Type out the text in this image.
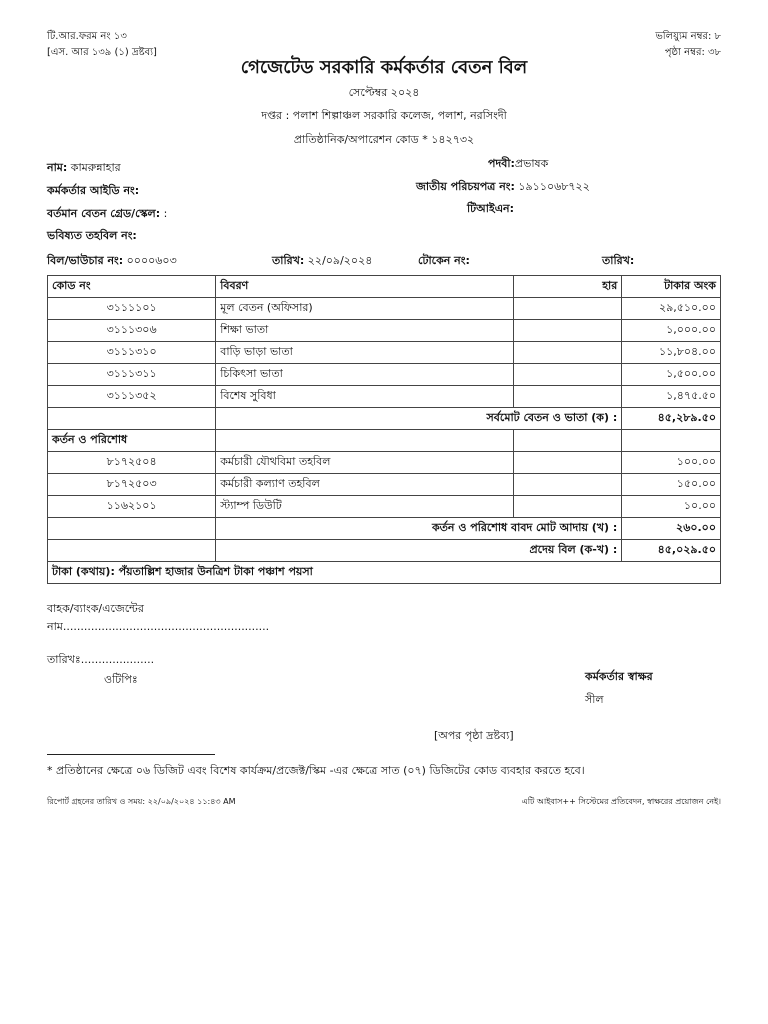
টি.আর.ফরম নং ১৩
[এস. আর ১৩৯ (১) দ্রষ্টব্য]
ভলিয়্যুম নম্বর: ৮
পৃষ্ঠা নম্বর: ৩৮
গেজেটেড সরকারি কর্মকর্তার বেতন বিল
সেপ্টেম্বর ২০২৪
দপ্তর : পলাশ শিল্পাঞ্চল সরকারি কলেজ, পলাশ, নরসিংদী
প্রাতিষ্ঠানিক/অপারেশন কোড * ১৪২৭৩২
নাম: কামরুন্নাহার	পদবী:প্রভাষক
কর্মকর্তার আইডি নং:	জাতীয় পরিচয়পত্র নং: ১৯১১০৬৮৭২২
বর্তমান বেতন গ্রেড/স্কেল: :	টিআইএন:
ভবিষ্যত তহবিল নং:
বিল/ভাউচার নং: ০০০০৬০৩	তারিখ: ২২/০৯/২০২৪	টোকেন নং:	তারিখ:
কোড নং	বিবরণ	হার	টাকার অংক
৩১১১১০১	মূল বেতন (অফিসার)		২৯,৫১০.০০
৩১১১৩০৬	শিক্ষা ভাতা		১,০০০.০০
৩১১১৩১০	বাড়ি ভাড়া ভাতা		১১,৮০৪.০০
৩১১১৩১১	চিকিৎসা ভাতা		১,৫০০.০০
৩১১১৩৫২	বিশেষ সুবিধা		১,৪৭৫.৫০
	সর্বমোট বেতন ও ভাতা (ক) :		৪৫,২৮৯.৫০
কর্তন ও পরিশোধ			
৮১৭২৫০৪	কর্মচারী যৌথবিমা তহবিল		১০০.০০
৮১৭২৫০৩	কর্মচারী কল্যাণ তহবিল		১৫০.০০
১১৬২১০১	স্ট্যাম্প ডিউটি		১০.০০
	কর্তন ও পরিশোধ বাবদ মোট আদায় (খ) :		২৬০.০০
	প্রদেয় বিল (ক-খ) :		৪৫,০২৯.৫০
টাকা (কথায়): পঁয়তাল্লিশ হাজার উনত্রিশ টাকা পঞ্চাশ পয়সা			
বাহক/ব্যাংক/এজেন্টের
নাম...........................................................
তারিখঃ.....................
ওটিপিঃ	কর্মকর্তার স্বাক্ষর
সীল
[অপর পৃষ্ঠা দ্রষ্টব্য]
* প্রতিষ্ঠানের ক্ষেত্রে ০৬ ডিজিট এবং বিশেষ কার্যক্রম/প্রজেক্ট/স্কিম -এর ক্ষেত্রে সাত (০৭) ডিজিটের কোড ব্যবহার করতে হবে।
রিপোর্ট গ্রহনের তারিখ ও সময়: ২২/০৯/২০২৪ ১১:৪৩ AM	এটি আইবাস++ সিস্টেমের প্রতিবেদন, স্বাক্ষরের প্রয়োজন নেই।
